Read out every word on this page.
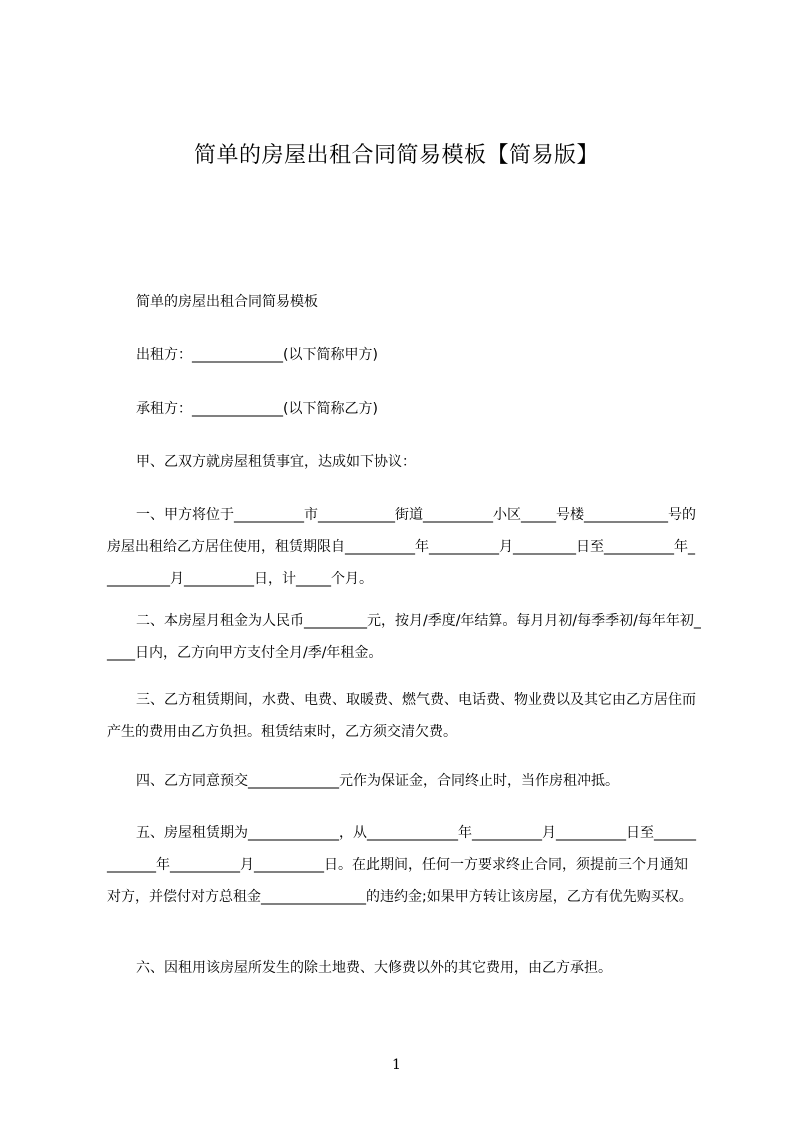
简单的房屋出租合同简易模板【简易版】

简单的房屋出租合同简易模板

出租方：_____________(以下简称甲方)

承租方：_____________(以下简称乙方)

甲、乙双方就房屋租赁事宜，达成如下协议：

一、甲方将位于__________市___________街道__________小区_____号楼____________号的房屋出租给乙方居住使用，租赁期限自__________年__________月_________日至__________年__________月__________日，计_____个月。

二、本房屋月租金为人民币_________元，按月/季度/年结算。每月月初/每季季初/每年年初_____日内，乙方向甲方支付全月/季/年租金。

三、乙方租赁期间，水费、电费、取暖费、燃气费、电话费、物业费以及其它由乙方居住而产生的费用由乙方负担。租赁结束时，乙方须交清欠费。

四、乙方同意预交_____________元作为保证金，合同终止时，当作房租冲抵。

五、房屋租赁期为_____________，从_____________年__________月__________日至_____________年__________月__________日。在此期间，任何一方要求终止合同，须提前三个月通知对方，并偿付对方总租金_______________的违约金;如果甲方转让该房屋，乙方有优先购买权。

六、因租用该房屋所发生的除土地费、大修费以外的其它费用，由乙方承担。

1
